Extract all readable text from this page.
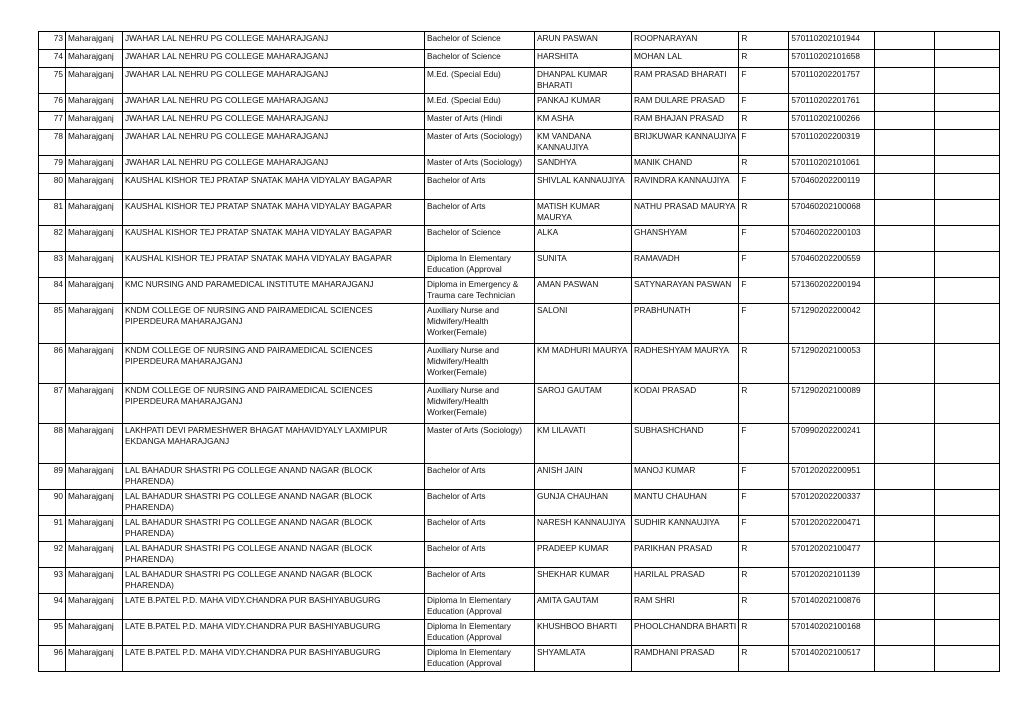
73	Maharajganj	JWAHAR LAL NEHRU PG COLLEGE MAHARAJGANJ	Bachelor of Science	ARUN PASWAN	ROOPNARAYAN	R	570110202101944		
74	Maharajganj	JWAHAR LAL NEHRU PG COLLEGE MAHARAJGANJ	Bachelor of Science	HARSHITA	MOHAN LAL	R	570110202101658		
75	Maharajganj	JWAHAR LAL NEHRU PG COLLEGE MAHARAJGANJ	M.Ed. (Special Edu)	DHANPAL KUMAR BHARATI	RAM PRASAD BHARATI	F	570110202201757		
76	Maharajganj	JWAHAR LAL NEHRU PG COLLEGE MAHARAJGANJ	M.Ed. (Special Edu)	PANKAJ KUMAR	RAM DULARE PRASAD	F	570110202201761		
77	Maharajganj	JWAHAR LAL NEHRU PG COLLEGE MAHARAJGANJ	Master of Arts (Hindi	KM ASHA	RAM BHAJAN PRASAD	R	570110202100266		
78	Maharajganj	JWAHAR LAL NEHRU PG COLLEGE MAHARAJGANJ	Master of Arts (Sociology)	KM VANDANA KANNAUJIYA	BRIJKUWAR KANNAUJIYA	F	570110202200319		
79	Maharajganj	JWAHAR LAL NEHRU PG COLLEGE MAHARAJGANJ	Master of Arts (Sociology)	SANDHYA	MANIK CHAND	R	570110202101061		
80	Maharajganj	KAUSHAL KISHOR TEJ PRATAP SNATAK MAHA VIDYALAY BAGAPAR	Bachelor of Arts	SHIVLAL KANNAUJIYA	RAVINDRA KANNAUJIYA	F	570460202200119		
81	Maharajganj	KAUSHAL KISHOR TEJ PRATAP SNATAK MAHA VIDYALAY BAGAPAR	Bachelor of Arts	MATISH KUMAR MAURYA	NATHU PRASAD MAURYA	R	570460202100068		
82	Maharajganj	KAUSHAL KISHOR TEJ PRATAP SNATAK MAHA VIDYALAY BAGAPAR	Bachelor of Science	ALKA	GHANSHYAM	F	570460202200103		
83	Maharajganj	KAUSHAL KISHOR TEJ PRATAP SNATAK MAHA VIDYALAY BAGAPAR	Diploma In Elementary Education (Approval	SUNITA	RAMAVADH	F	570460202200559		
84	Maharajganj	KMC NURSING AND PARAMEDICAL INSTITUTE MAHARAJGANJ	Diploma in Emergency & Trauma care Technician	AMAN PASWAN	SATYNARAYAN PASWAN	F	571360202200194		
85	Maharajganj	KNDM COLLEGE OF NURSING AND PAIRAMEDICAL SCIENCES PIPERDEURA MAHARAJGANJ	Auxiliary Nurse and Midwifery/Health Worker(Female)	SALONI	PRABHUNATH	F	571290202200042		
86	Maharajganj	KNDM COLLEGE OF NURSING AND PAIRAMEDICAL SCIENCES PIPERDEURA MAHARAJGANJ	Auxiliary Nurse and Midwifery/Health Worker(Female)	KM MADHURI MAURYA	RADHESHYAM MAURYA	R	571290202100053		
87	Maharajganj	KNDM COLLEGE OF NURSING AND PAIRAMEDICAL SCIENCES PIPERDEURA MAHARAJGANJ	Auxiliary Nurse and Midwifery/Health Worker(Female)	SAROJ GAUTAM	KODAI PRASAD	R	571290202100089		
88	Maharajganj	LAKHPATI DEVI PARMESHWER BHAGAT MAHAVIDYALY LAXMIPUR EKDANGA MAHARAJGANJ	Master of Arts (Sociology)	KM LILAVATI	SUBHASHCHAND	F	570990202200241		
89	Maharajganj	LAL BAHADUR SHASTRI PG COLLEGE ANAND NAGAR (BLOCK PHARENDA)	Bachelor of Arts	ANISH JAIN	MANOJ KUMAR	F	570120202200951		
90	Maharajganj	LAL BAHADUR SHASTRI PG COLLEGE ANAND NAGAR (BLOCK PHARENDA)	Bachelor of Arts	GUNJA CHAUHAN	MANTU CHAUHAN	F	570120202200337		
91	Maharajganj	LAL BAHADUR SHASTRI PG COLLEGE ANAND NAGAR (BLOCK PHARENDA)	Bachelor of Arts	NARESH KANNAUJIYA	SUDHIR KANNAUJIYA	F	570120202200471		
92	Maharajganj	LAL BAHADUR SHASTRI PG COLLEGE ANAND NAGAR (BLOCK PHARENDA)	Bachelor of Arts	PRADEEP KUMAR	PARIKHAN PRASAD	R	570120202100477		
93	Maharajganj	LAL BAHADUR SHASTRI PG COLLEGE ANAND NAGAR (BLOCK PHARENDA)	Bachelor of Arts	SHEKHAR KUMAR	HARILAL PRASAD	R	570120202101139		
94	Maharajganj	LATE B.PATEL P.D. MAHA VIDY.CHANDRA PUR BASHIYABUGURG	Diploma In Elementary Education (Approval	AMITA GAUTAM	RAM SHRI	R	570140202100876		
95	Maharajganj	LATE B.PATEL P.D. MAHA VIDY.CHANDRA PUR BASHIYABUGURG	Diploma In Elementary Education (Approval	KHUSHBOO BHARTI	PHOOLCHANDRA BHARTI	R	570140202100168		
96	Maharajganj	LATE B.PATEL P.D. MAHA VIDY.CHANDRA PUR BASHIYABUGURG	Diploma In Elementary Education (Approval	SHYAMLATA	RAMDHANI PRASAD	R	570140202100517		
